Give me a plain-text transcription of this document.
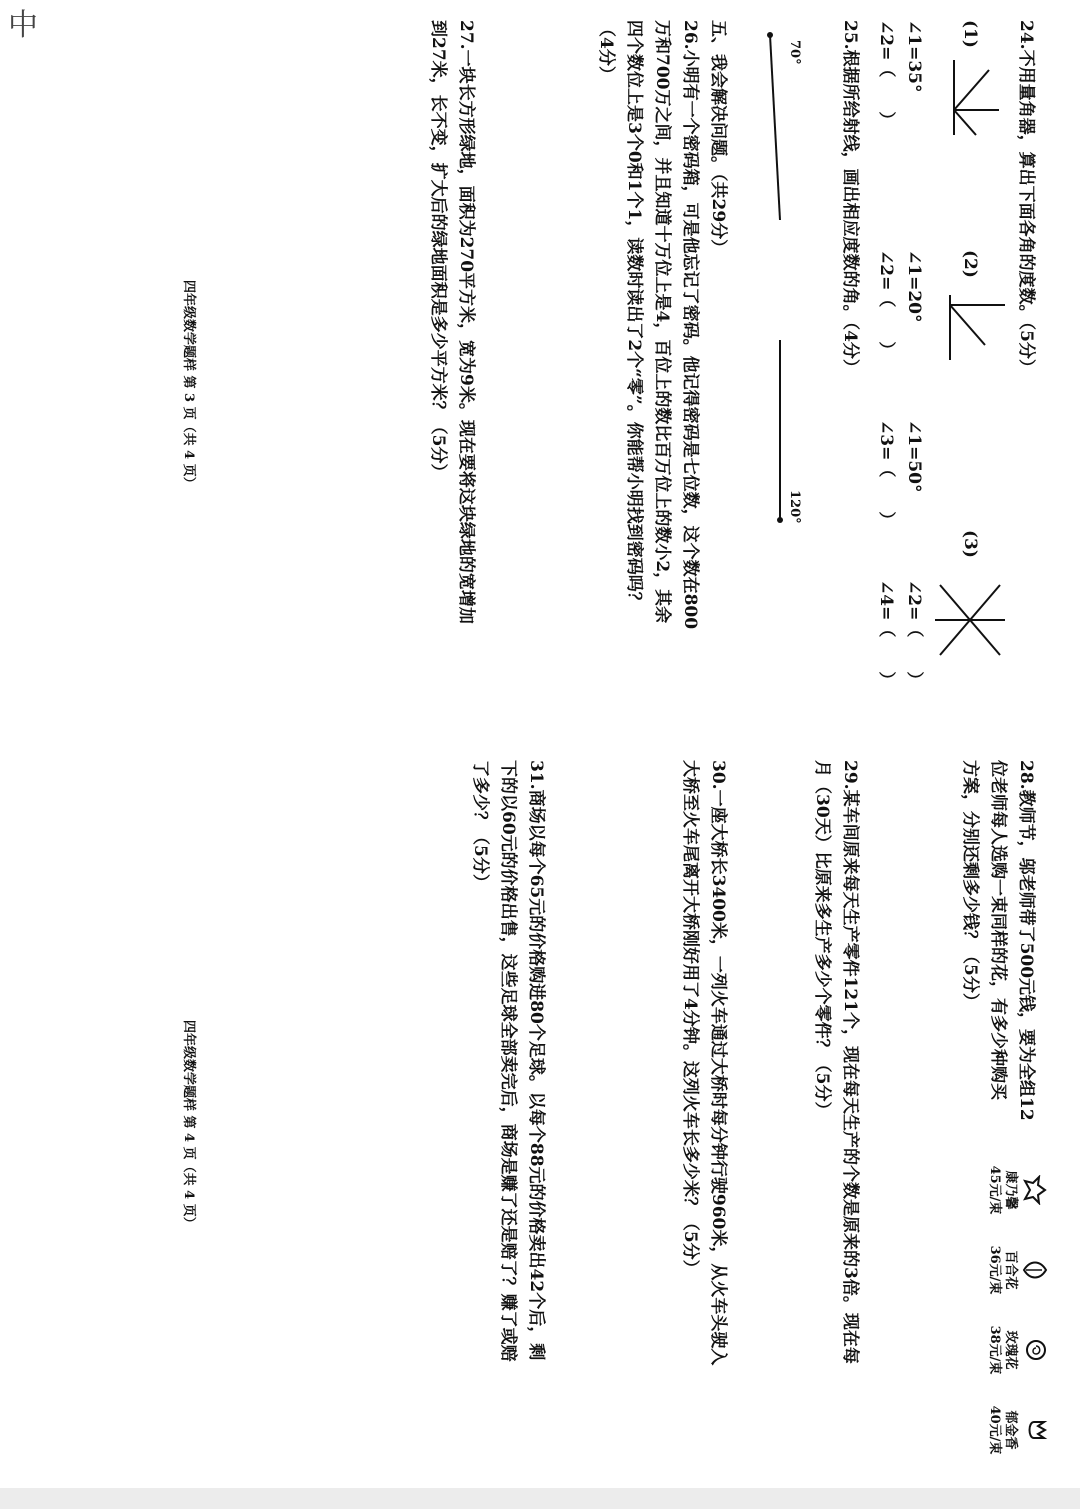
中	24.不用量角器，算出下面各角的度数。（5分）
(1)
(2)
(3)
∠1=35°
∠2=（　　）
∠1=20°
∠2=（　　）
∠1=50°
∠3=（　　）
∠2=（　　）
∠4=（　　）
25.根据所给射线，画出相应度数的角。（4分）
70°
120°
五、我会解决问题。（共29分）
26.小明有一个密码箱，可是他忘记了密码。他记得密码是七位数，这个数在800
万和700万之间，并且知道十万位上是4，百位上的数比百万位上的数小2，其余
四个数位上是3个0和1个1，读数时读出了2个“零”。你能帮小明找到密码吗？
（4分）
27.一块长方形绿地，面积为270平方米，宽为9米。现在要将这块绿地的宽增加
到27米，长不变，扩大后的绿地面积是多少平方米？（5分）
四年级数学题样 第 3 页（共 4 页）
28.教师节，邬老师带了500元钱，要为全组12
位老师每人选购一束同样的花，有多少种购买
方案，分别还剩多少钱？（5分）
康乃馨
45元/束
百合花
36元/束
玫瑰花
38元/束
郁金香
40元/束
29.某车间原来每天生产零件121个，现在每天生产的个数是原来的3倍。现在每
月（30天）比原来多生产多少个零件？（5分）
30.一座大桥长3400米，一列火车通过大桥时每分钟行驶960米，从火车头驶入
大桥至火车尾离开大桥刚好用了4分钟。这列火车长多少米？（5分）
31.商场以每个65元的价格购进80个足球。以每个88元的价格卖出42个后，剩
下的以60元的价格出售，这些足球全部卖完后，商场是赚了还是赔了？赚了或赔
了多少？（5分）
四年级数学题样 第 4 页（共 4 页）
